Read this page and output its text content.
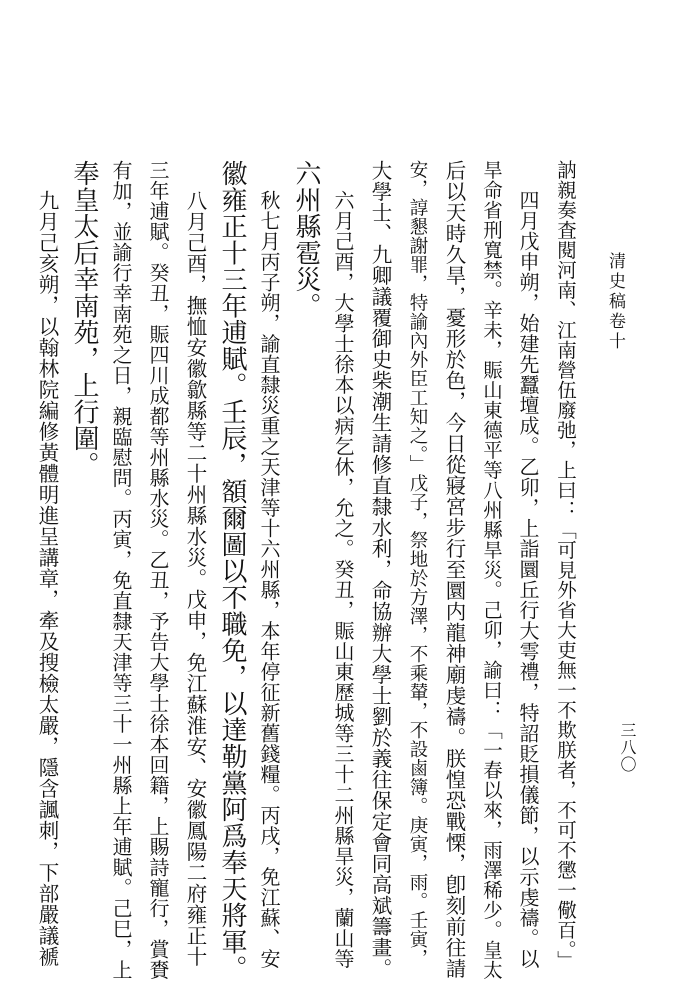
清史稿卷十
三八〇
訥親奏査閱河南、江南營伍廢弛，上曰：「可見外省大吏無一不欺朕者，不可不懲一儆百。」
四月戊申朔，始建先蠶壇成。乙卯，上詣圜丘行大雩禮，特詔貶損儀節，以示虔禱。以
旱命省刑寬禁。辛未，賑山東德平等八州縣旱災。己卯，諭曰：「一春以來，雨澤稀少。皇太
后以天時久旱，憂形於色，今日從寢宮步行至圜内龍神廟虔禱。朕惶恐戰慄，卽刻前往請
安，諄懇謝罪，特諭內外臣工知之。」戊子，祭地於方澤，不乘輦，不設鹵簿。庚寅，雨。壬寅，
大學士、九卿議覆御史柴潮生請修直隸水利，命協辦大學士劉於義往保定會同高斌籌畫。
六月己酉，大學士徐本以病乞休，允之。癸丑，賑山東歷城等三十二州縣旱災，蘭山等
六州縣雹災。
秋七月丙子朔，諭直隸災重之天津等十六州縣，本年停征新舊錢糧。丙戌，免江蘇、安
徽雍正十三年逋賦。壬辰，額爾圖以不職免，以達勒黨阿爲奉天將軍。
八月己酉，撫恤安徽歙縣等二十州縣水災。戊申，免江蘇淮安、安徽鳳陽二府雍正十
三年逋賦。癸丑，賑四川成都等州縣水災。乙丑，予告大學士徐本回籍，上賜詩寵行，賞賚
有加，並諭行幸南苑之日，親臨慰問。丙寅，免直隸天津等三十一州縣上年逋賦。己巳，上
奉皇太后幸南苑，上行圍。
九月己亥朔，以翰林院編修黃體明進呈講章，牽及搜檢太嚴，隱含諷刺，下部嚴議褫
